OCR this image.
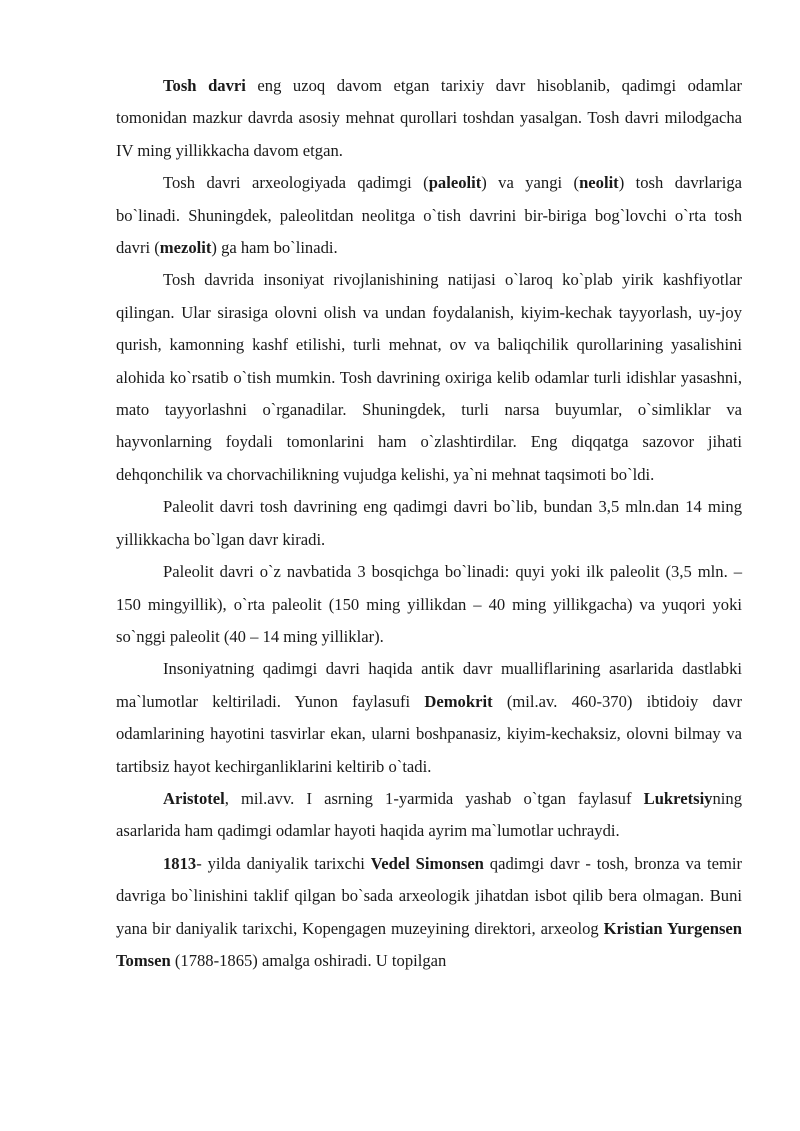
Tosh davri eng uzoq davom etgan tarixiy davr hisoblanib, qadimgi odamlar tomonidan mazkur davrda asosiy mehnat qurollari toshdan yasalgan. Tosh davri milodgacha IV ming yillikkacha davom etgan.

Tosh davri arxeologiyada qadimgi (paleolit) va yangi (neolit) tosh davrlariga bo`linadi. Shuningdek, paleolitdan neolitga o`tish davrini bir-biriga bog`lovchi o`rta tosh davri (mezolit) ga ham bo`linadi.

Tosh davrida insoniyat rivojlanishining natijasi o`laroq ko`plab yirik kashfiyotlar qilingan. Ular sirasiga olovni olish va undan foydalanish, kiyim-kechak tayyorlash, uy-joy qurish, kamonning kashf etilishi, turli mehnat, ov va baliqchilik qurollarining yasalishini alohida ko`rsatib o`tish mumkin. Tosh davrining oxiriga kelib odamlar turli idishlar yasashni, mato tayyorlashni o`rganadilar. Shuningdek, turli narsa buyumlar, o`simliklar va hayvonlarning foydali tomonlarini ham o`zlashtirdilar. Eng diqqatga sazovor jihati dehqonchilik va chorvachilikning vujudga kelishi, ya`ni mehnat taqsimoti bo`ldi.

Paleolit davri tosh davrining eng qadimgi davri bo`lib, bundan 3,5 mln.dan 14 ming yillikkacha bo`lgan davr kiradi.

Paleolit davri o`z navbatida 3 bosqichga bo`linadi: quyi yoki ilk paleolit (3,5 mln. – 150 mingyillik), o`rta paleolit (150 ming yillikdan – 40 ming yillikgacha) va yuqori yoki so`nggi paleolit (40 – 14 ming yilliklar).

Insoniyatning qadimgi davri haqida antik davr mualliflarining asarlarida dastlabki ma`lumotlar keltiriladi. Yunon faylasufi Demokrit (mil.av. 460-370) ibtidoiy davr odamlarining hayotini tasvirlar ekan, ularni boshpanasiz, kiyim-kechaksiz, olovni bilmay va tartibsiz hayot kechirganliklarini keltirib o`tadi.

Aristotel, mil.avv. I asrning 1-yarmida yashab o`tgan faylasuf Lukretsiyning asarlarida ham qadimgi odamlar hayoti haqida ayrim ma`lumotlar uchraydi.

1813- yilda daniyalik tarixchi Vedel Simonsen qadimgi davr - tosh, bronza va temir davriga bo`linishini taklif qilgan bo`sada arxeologik jihatdan isbot qilib bera olmagan. Buni yana bir daniyalik tarixchi, Kopengagen muzeyining direktori, arxeolog Kristian Yurgensen Tomsen (1788-1865) amalga oshiradi. U topilgan
